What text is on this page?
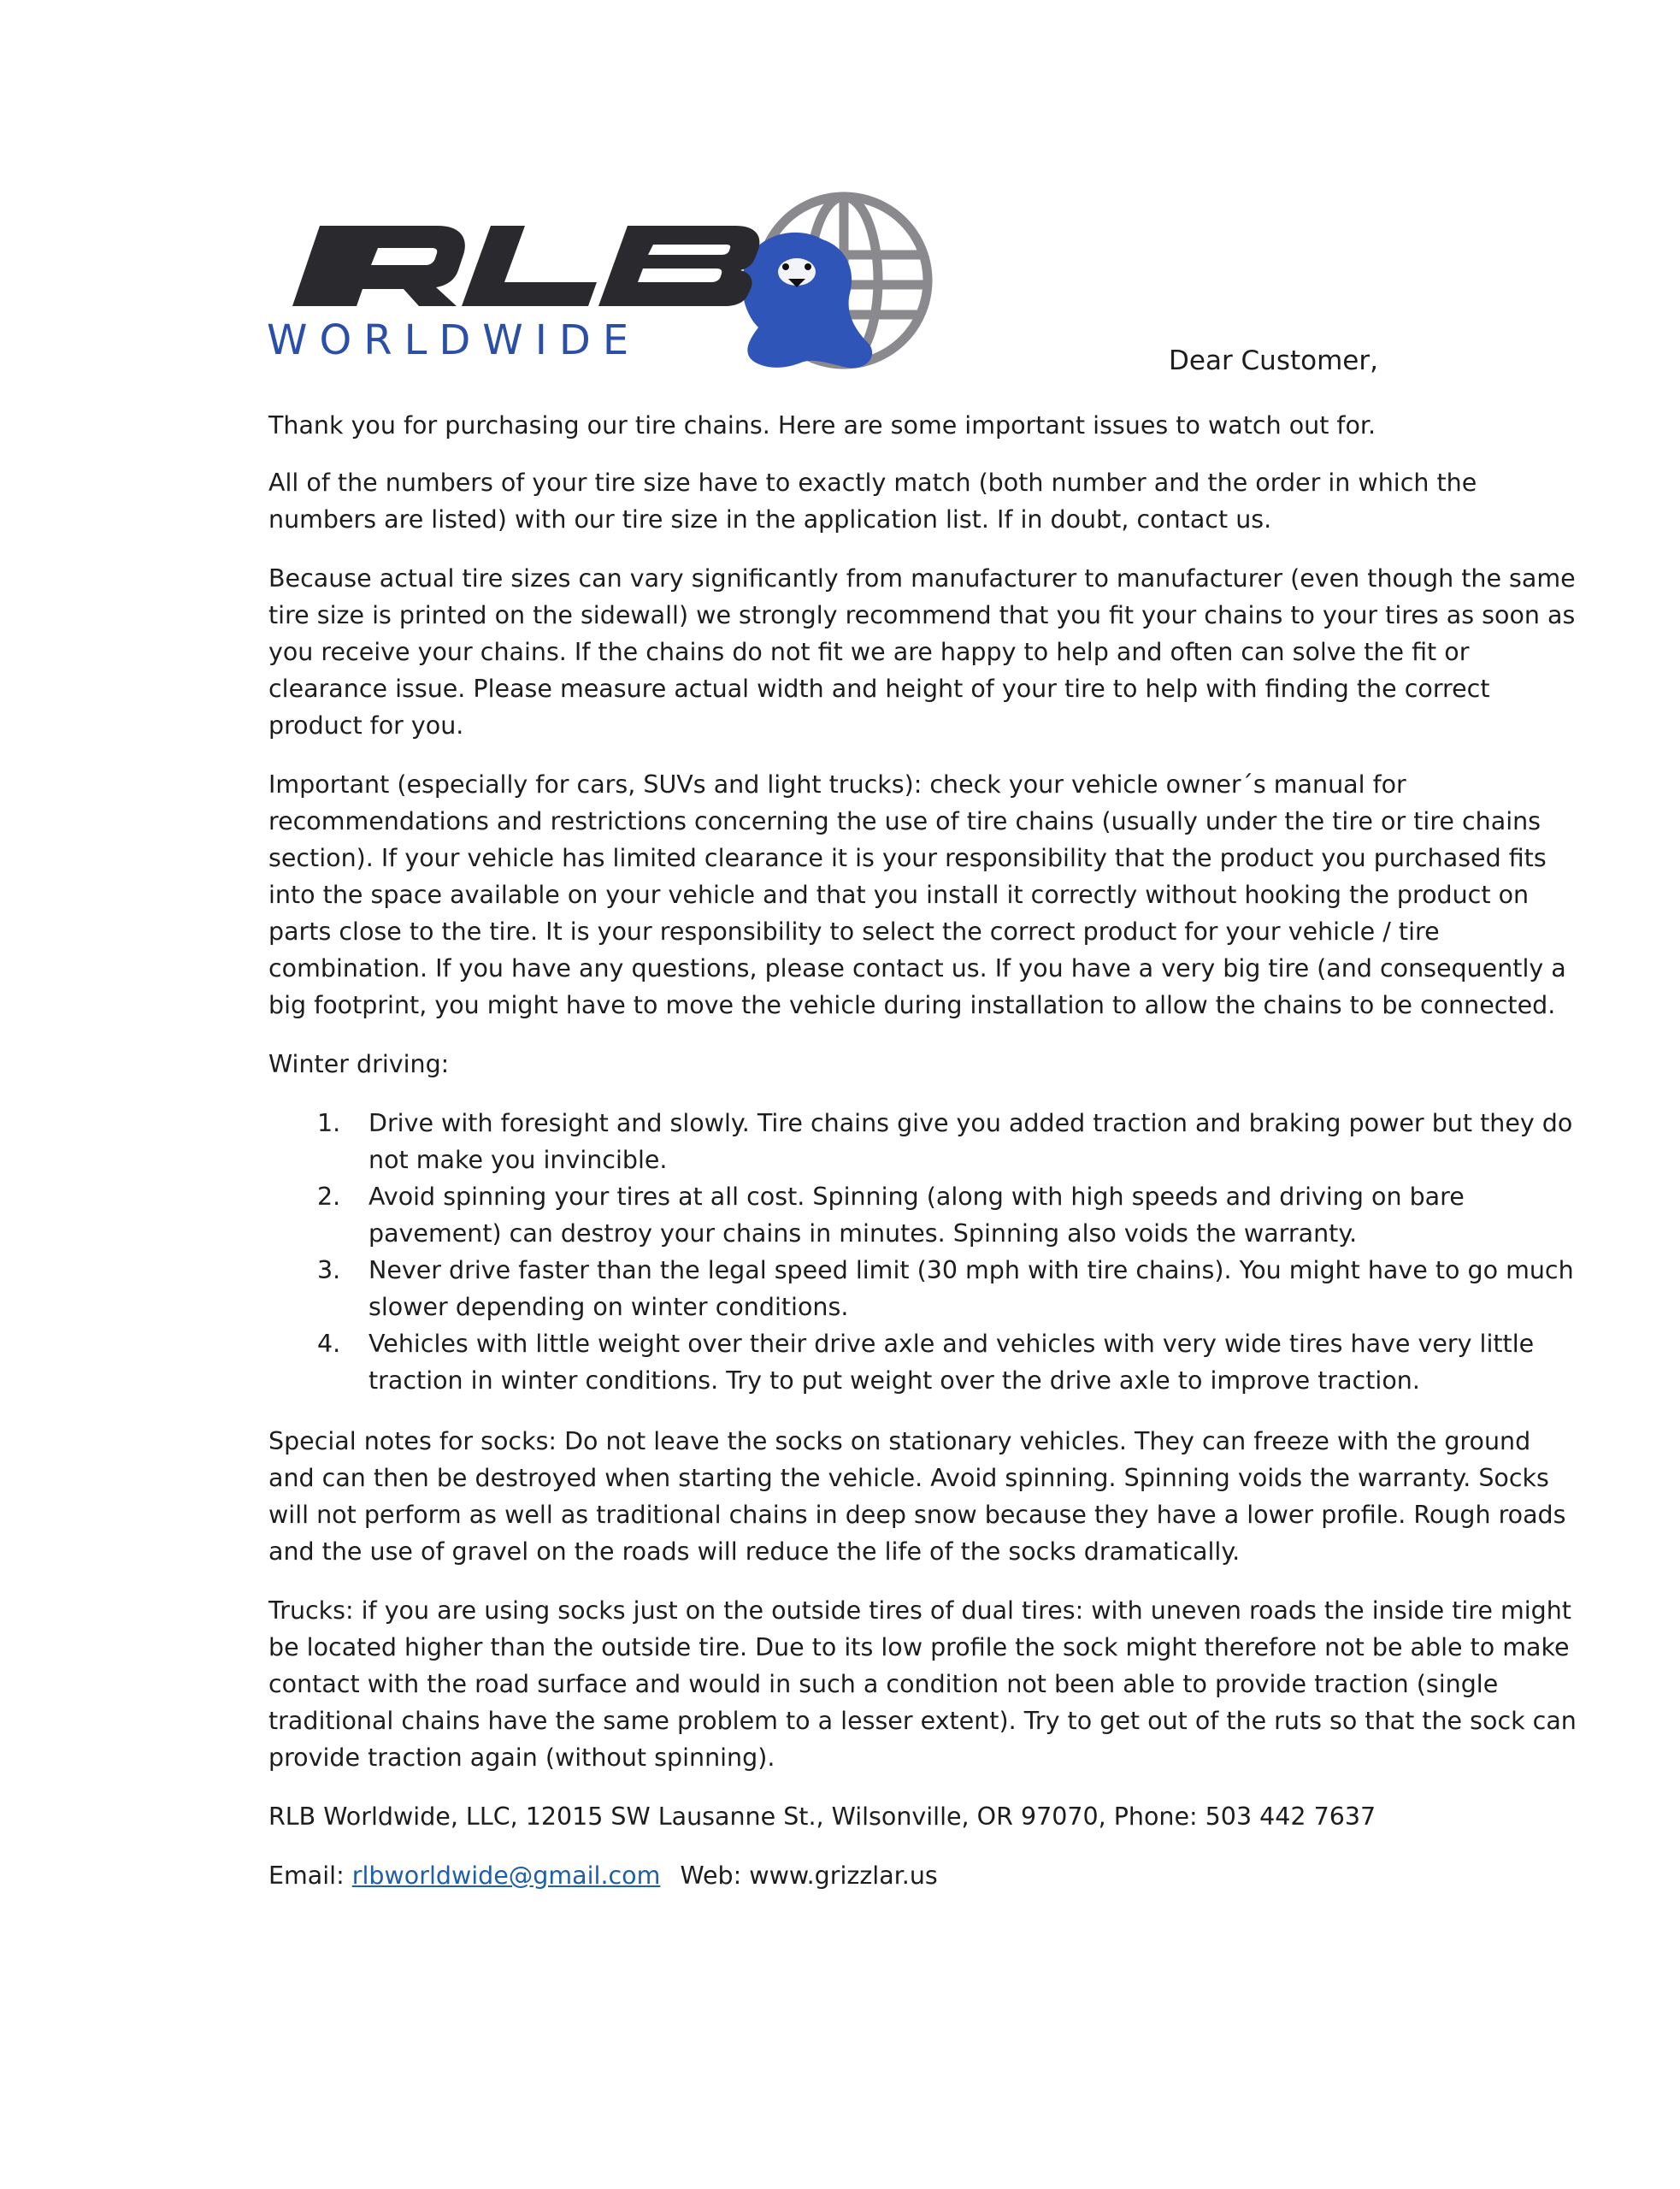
WORLDWIDE	Dear Customer,

Thank you for purchasing our tire chains. Here are some important issues to watch out for.

All of the numbers of your tire size have to exactly match (both number and the order in which the numbers are listed) with our tire size in the application list. If in doubt, contact us.

Because actual tire sizes can vary significantly from manufacturer to manufacturer (even though the same tire size is printed on the sidewall) we strongly recommend that you fit your chains to your tires as soon as you receive your chains. If the chains do not fit we are happy to help and often can solve the fit or clearance issue. Please measure actual width and height of your tire to help with finding the correct product for you.

Important (especially for cars, SUVs and light trucks): check your vehicle owner´s manual for recommendations and restrictions concerning the use of tire chains (usually under the tire or tire chains section). If your vehicle has limited clearance it is your responsibility that the product you purchased fits into the space available on your vehicle and that you install it correctly without hooking the product on parts close to the tire. It is your responsibility to select the correct product for your vehicle / tire combination. If you have any questions, please contact us. If you have a very big tire (and consequently a big footprint, you might have to move the vehicle during installation to allow the chains to be connected.

Winter driving:

1. Drive with foresight and slowly. Tire chains give you added traction and braking power but they do not make you invincible.
2. Avoid spinning your tires at all cost. Spinning (along with high speeds and driving on bare pavement) can destroy your chains in minutes. Spinning also voids the warranty.
3. Never drive faster than the legal speed limit (30 mph with tire chains). You might have to go much slower depending on winter conditions.
4. Vehicles with little weight over their drive axle and vehicles with very wide tires have very little traction in winter conditions. Try to put weight over the drive axle to improve traction.

Special notes for socks: Do not leave the socks on stationary vehicles. They can freeze with the ground and can then be destroyed when starting the vehicle. Avoid spinning. Spinning voids the warranty. Socks will not perform as well as traditional chains in deep snow because they have a lower profile. Rough roads and the use of gravel on the roads will reduce the life of the socks dramatically.

Trucks: if you are using socks just on the outside tires of dual tires: with uneven roads the inside tire might be located higher than the outside tire. Due to its low profile the sock might therefore not be able to make contact with the road surface and would in such a condition not been able to provide traction (single traditional chains have the same problem to a lesser extent). Try to get out of the ruts so that the sock can provide traction again (without spinning).

RLB Worldwide, LLC, 12015 SW Lausanne St., Wilsonville, OR 97070, Phone: 503 442 7637

Email: rlbworldwide@gmail.com Web: www.grizzlar.us
